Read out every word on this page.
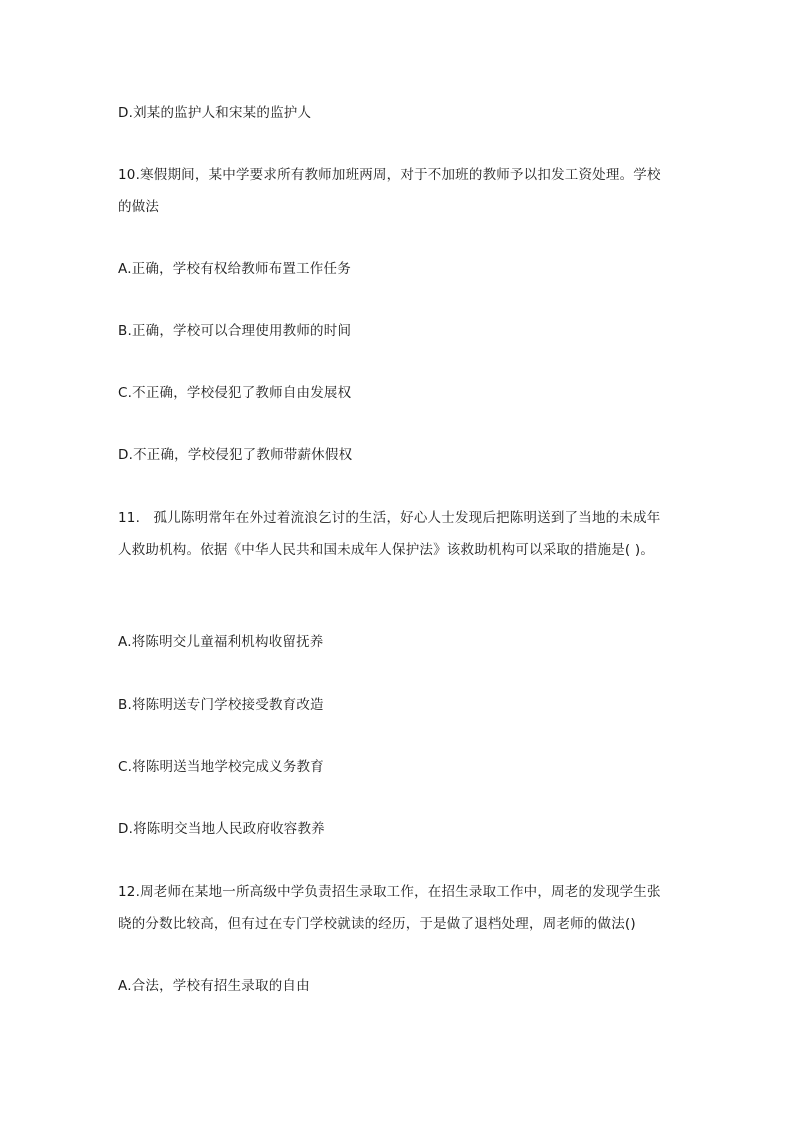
D.刘某的监护人和宋某的监护人
10.寒假期间，某中学要求所有教师加班两周，对于不加班的教师予以扣发工资处理。学校
的做法
A.正确，学校有权给教师布置工作任务
B.正确，学校可以合理使用教师的时间
C.不正确，学校侵犯了教师自由发展权
D.不正确，学校侵犯了教师带薪休假权
11.   孤儿陈明常年在外过着流浪乞讨的生活，好心人士发现后把陈明送到了当地的未成年
人救助机构。依据《中华人民共和国未成年人保护法》该救助机构可以采取的措施是( )。
A.将陈明交儿童福利机构收留抚养
B.将陈明送专门学校接受教育改造
C.将陈明送当地学校完成义务教育
D.将陈明交当地人民政府收容教养
12.周老师在某地一所高级中学负责招生录取工作，在招生录取工作中，周老的发现学生张
晓的分数比较高，但有过在专门学校就读的经历，于是做了退档处理，周老师的做法()
A.合法，学校有招生录取的自由
